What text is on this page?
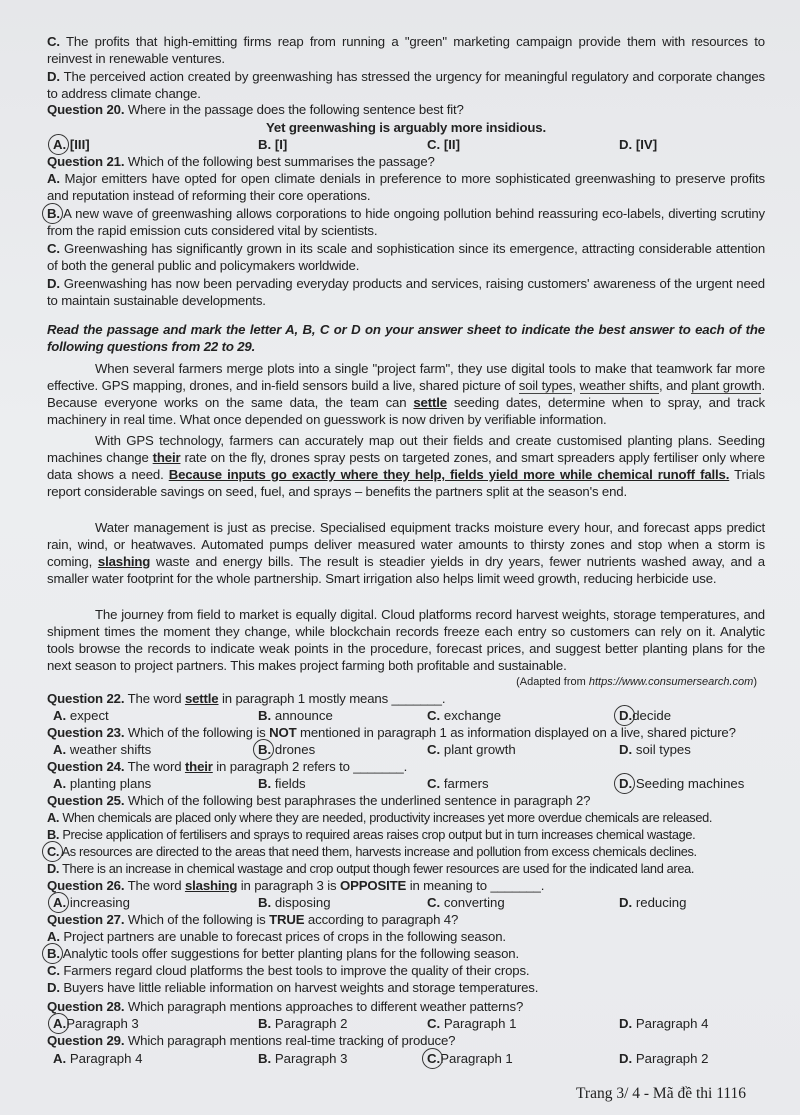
C. The profits that high-emitting firms reap from running a "green" marketing campaign provide them with resources to reinvest in renewable ventures.
D. The perceived action created by greenwashing has stressed the urgency for meaningful regulatory and corporate changes to address climate change.
Question 20. Where in the passage does the following sentence best fit?
Yet greenwashing is arguably more insidious.
A. [III]	B. [I]	C. [II]	D. [IV]
Question 21. Which of the following best summarises the passage?
A. Major emitters have opted for open climate denials in preference to more sophisticated greenwashing to preserve profits and reputation instead of reforming their core operations.
B. A new wave of greenwashing allows corporations to hide ongoing pollution behind reassuring eco-labels, diverting scrutiny from the rapid emission cuts considered vital by scientists.
C. Greenwashing has significantly grown in its scale and sophistication since its emergence, attracting considerable attention of both the general public and policymakers worldwide.
D. Greenwashing has now been pervading everyday products and services, raising customers' awareness of the urgent need to maintain sustainable developments.
Read the passage and mark the letter A, B, C or D on your answer sheet to indicate the best answer to each of the following questions from 22 to 29.
When several farmers merge plots into a single "project farm", they use digital tools to make that teamwork far more effective. GPS mapping, drones, and in-field sensors build a live, shared picture of soil types, weather shifts, and plant growth. Because everyone works on the same data, the team can settle seeding dates, determine when to spray, and track machinery in real time. What once depended on guesswork is now driven by verifiable information.
With GPS technology, farmers can accurately map out their fields and create customised planting plans. Seeding machines change their rate on the fly, drones spray pests on targeted zones, and smart spreaders apply fertiliser only where data shows a need. Because inputs go exactly where they help, fields yield more while chemical runoff falls. Trials report considerable savings on seed, fuel, and sprays – benefits the partners split at the season's end.
Water management is just as precise. Specialised equipment tracks moisture every hour, and forecast apps predict rain, wind, or heatwaves. Automated pumps deliver measured water amounts to thirsty zones and stop when a storm is coming, slashing waste and energy bills. The result is steadier yields in dry years, fewer nutrients washed away, and a smaller water footprint for the whole partnership. Smart irrigation also helps limit weed growth, reducing herbicide use.
The journey from field to market is equally digital. Cloud platforms record harvest weights, storage temperatures, and shipment times the moment they change, while blockchain records freeze each entry so customers can rely on it. Analytic tools browse the records to indicate weak points in the procedure, forecast prices, and suggest better planting plans for the next season to project partners. This makes project farming both profitable and sustainable.
(Adapted from https://www.consumersearch.com)
Question 22. The word settle in paragraph 1 mostly means _______.
A. expect	B. announce	C. exchange	D.decide
Question 23. Which of the following is NOT mentioned in paragraph 1 as information displayed on a live, shared picture?
A. weather shifts	B. drones	C. plant growth	D. soil types
Question 24. The word their in paragraph 2 refers to _______.
A. planting plans	B. fields	C. farmers	D. Seeding machines
Question 25. Which of the following best paraphrases the underlined sentence in paragraph 2?
A. When chemicals are placed only where they are needed, productivity increases yet more overdue chemicals are released.
B. Precise application of fertilisers and sprays to required areas raises crop output but in turn increases chemical wastage.
C. As resources are directed to the areas that need them, harvests increase and pollution from excess chemicals declines.
D. There is an increase in chemical wastage and crop output though fewer resources are used for the indicated land area.
Question 26. The word slashing in paragraph 3 is OPPOSITE in meaning to _______.
A. increasing	B. disposing	C. converting	D. reducing
Question 27. Which of the following is TRUE according to paragraph 4?
A. Project partners are unable to forecast prices of crops in the following season.
B. Analytic tools offer suggestions for better planting plans for the following season.
C. Farmers regard cloud platforms the best tools to improve the quality of their crops.
D. Buyers have little reliable information on harvest weights and storage temperatures.
Question 28. Which paragraph mentions approaches to different weather patterns?
A.Paragraph 3	B. Paragraph 2	C. Paragraph 1	D. Paragraph 4
Question 29. Which paragraph mentions real-time tracking of produce?
A. Paragraph 4	B. Paragraph 3	C.Paragraph 1	D. Paragraph 2
Trang 3/ 4 - Mã đề thi 1116
